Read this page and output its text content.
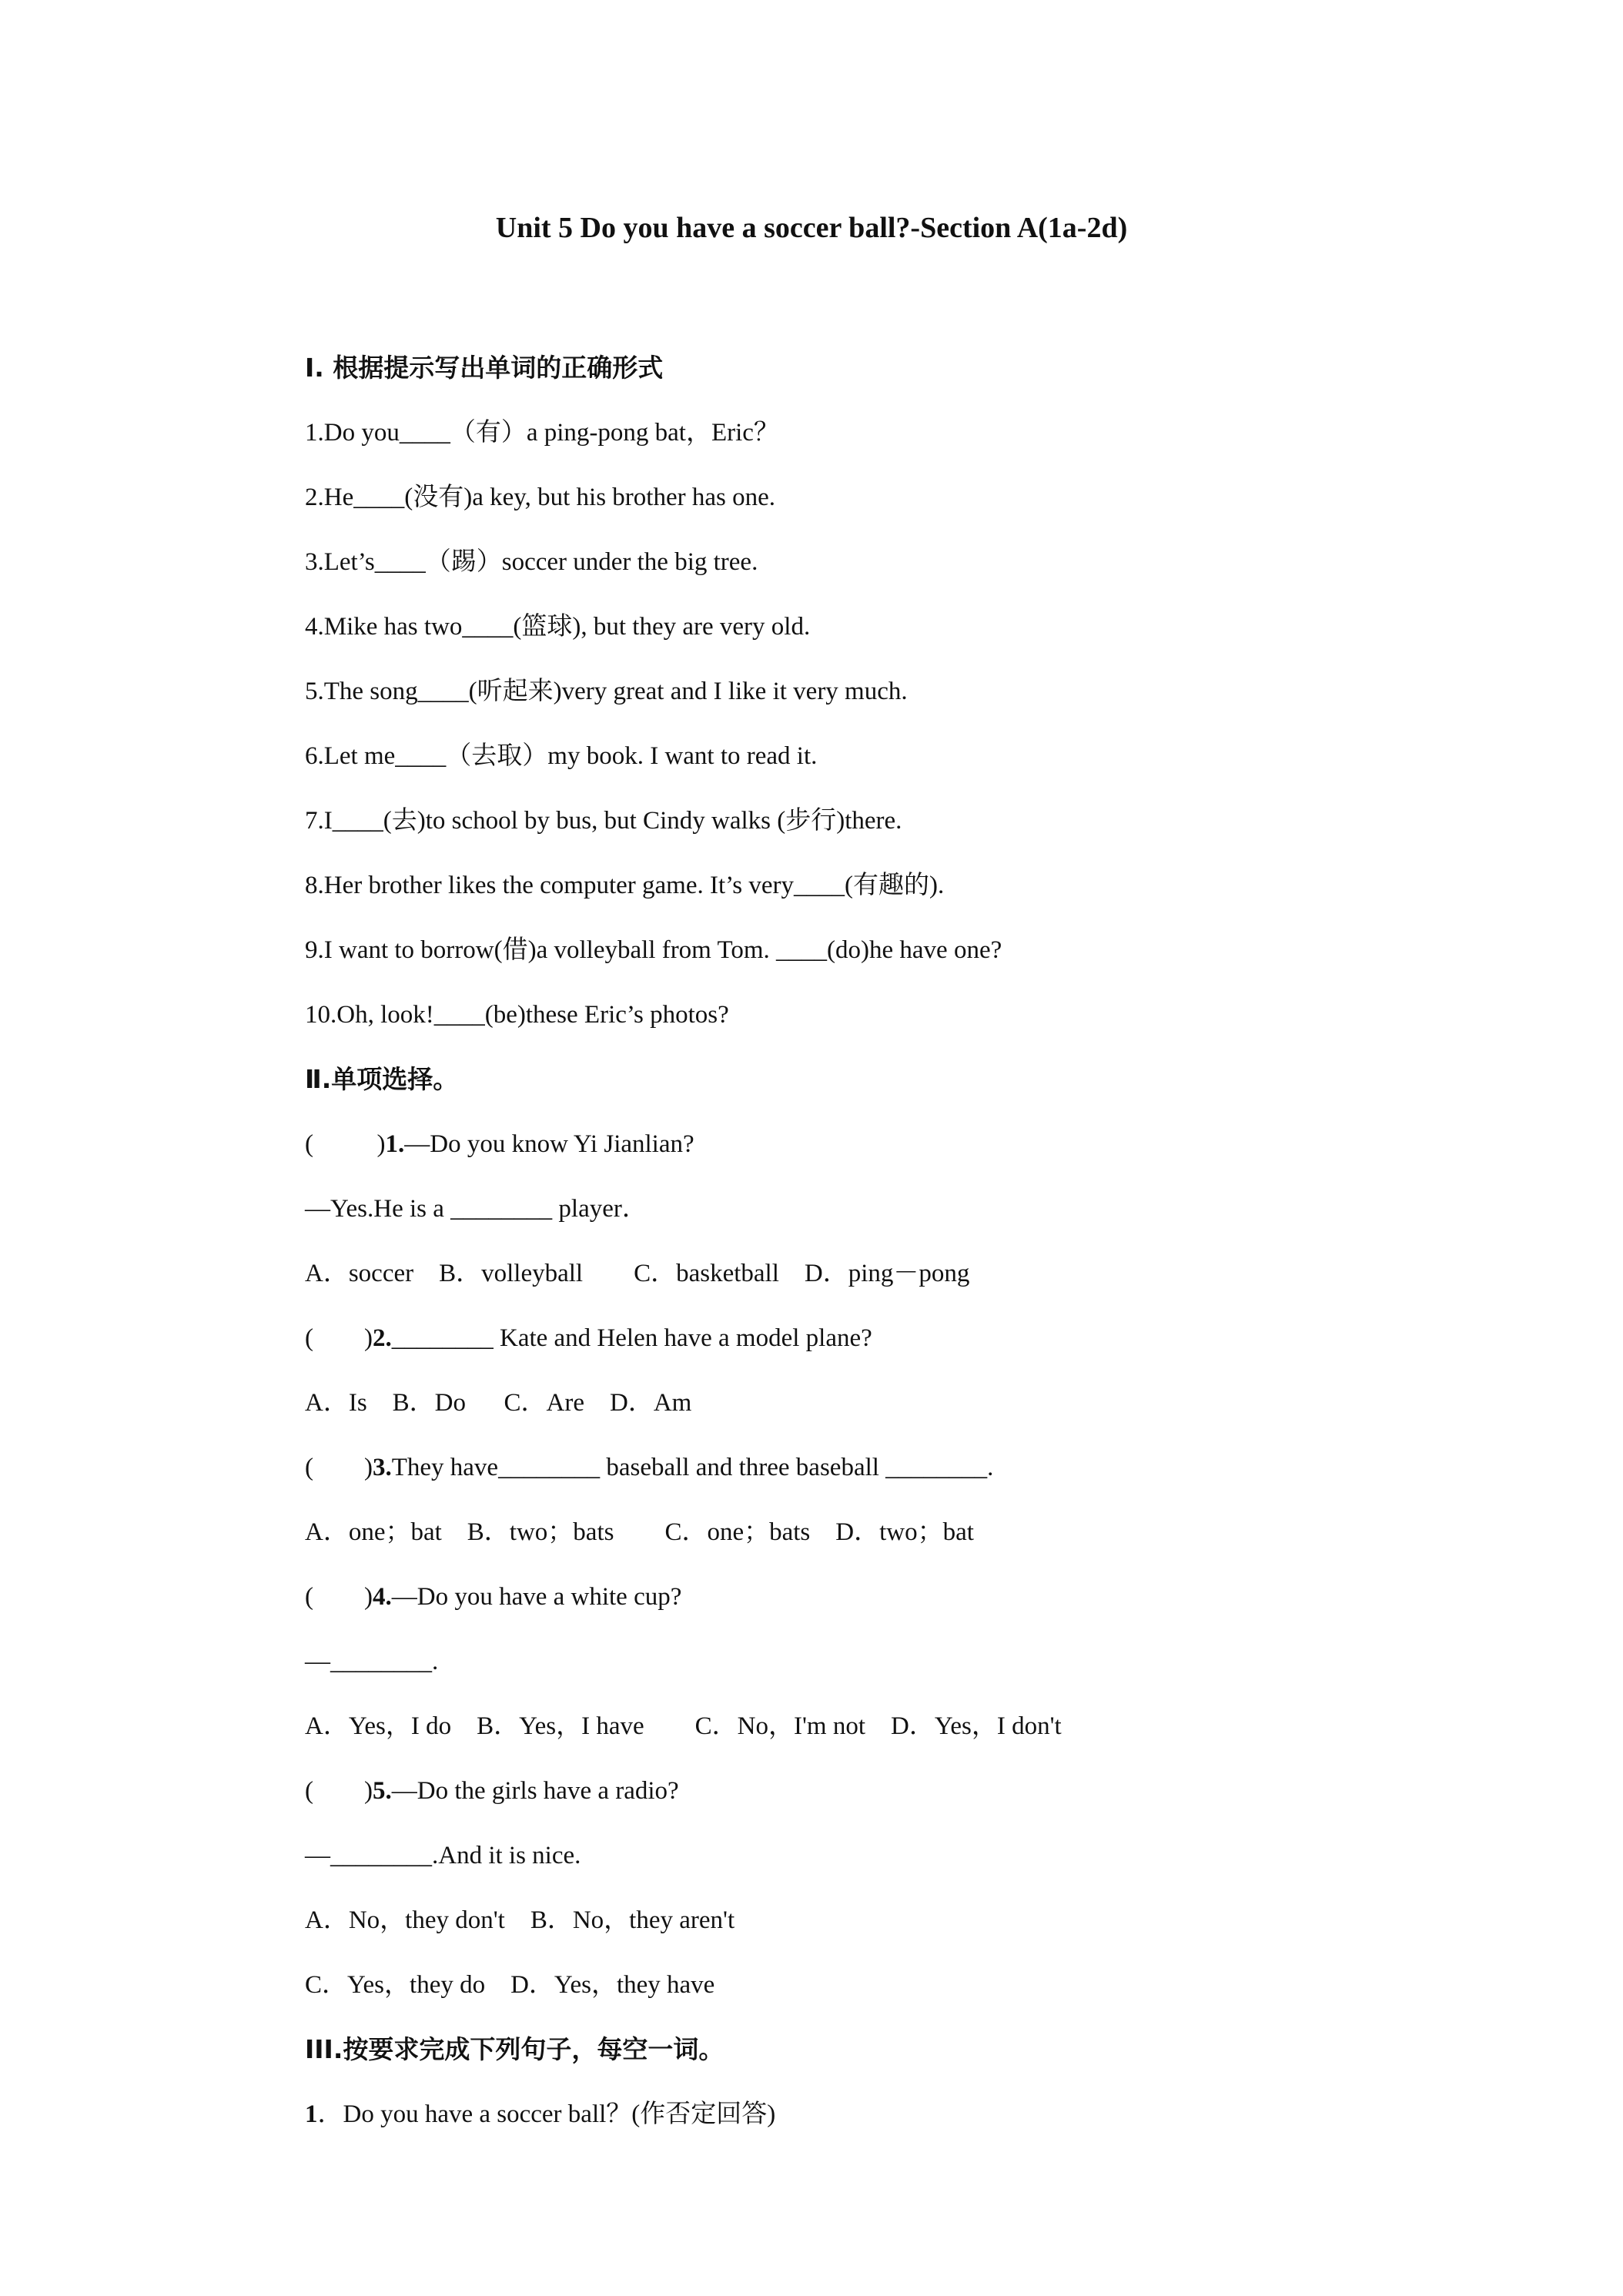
Unit 5 Do you have a soccer ball?-Section A(1a-2d)
Ⅰ. 根据提示写出单词的正确形式
1.Do you____（有）a ping-pong bat，Eric？
2.He____(没有)a key, but his brother has one.
3.Let’s____（踢）soccer under the big tree.
4.Mike has two____(篮球), but they are very old.
5.The song____(听起来)very great and I like it very much.
6.Let me____（去取）my book. I want to read it.
7.I____(去)to school by bus, but Cindy walks (步行)there.
8.Her brother likes the computer game. It’s very____(有趣的).
9.I want to borrow(借)a volleyball from Tom. ____(do)he have one?
10.Oh, look!____(be)these Eric’s photos?
Ⅱ.单项选择。
(          )1.—Do you know Yi Jianlian?
—Yes.He is a ________ player．
A．soccer    B．volleyball        C．basketball    D．ping－pong
(        )2.________ Kate and Helen have a model plane?
A．Is    B．Do      C．Are    D．Am
(        )3.They have________ baseball and three baseball ________.
A．one；bat    B．two；bats        C．one；bats    D．two；bat
(        )4.—Do you have a white cup?
—________.
A．Yes，I do    B．Yes，I have        C．No，I'm not    D．Yes，I don't
(        )5.—Do the girls have a radio?
—________.And it is nice.
A．No，they don't    B．No，they aren't
C．Yes，they do    D．Yes，they have
III.按要求完成下列句子，每空一词。
1．Do you have a soccer ball？(作否定回答)
